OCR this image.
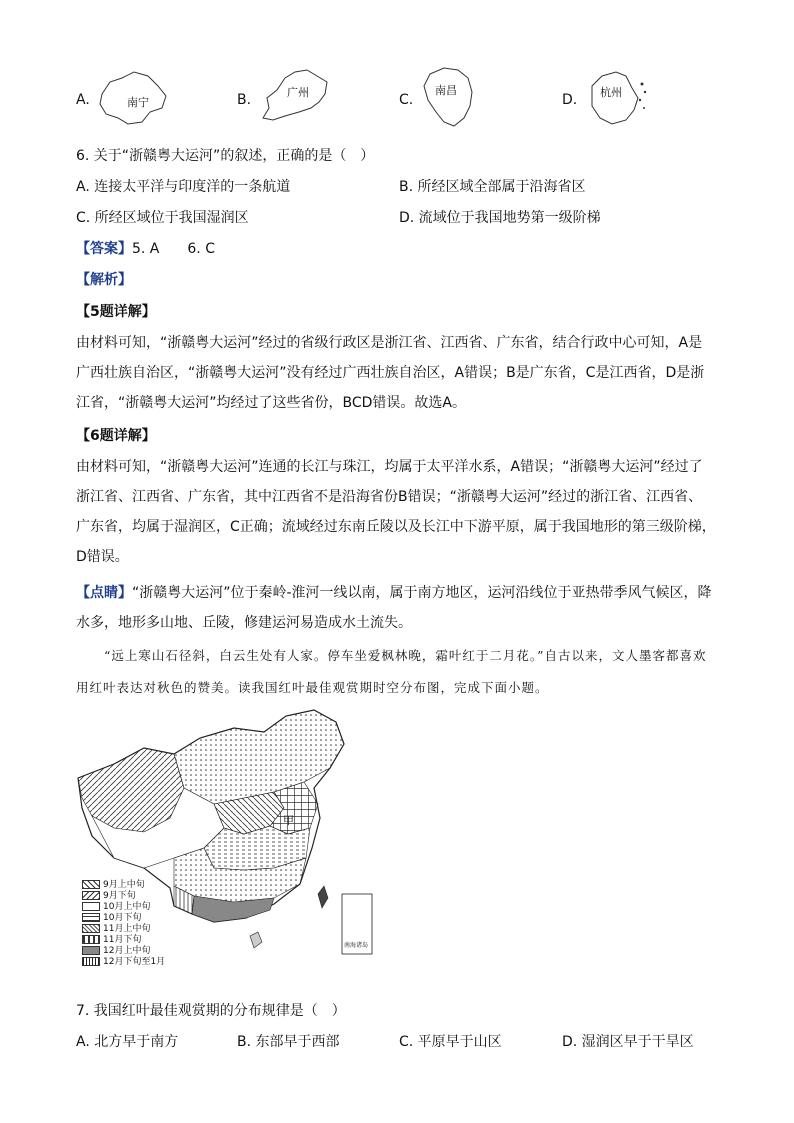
A.	南宁	B.	广州	C.
南昌
D. 杭州
6. 关于“浙赣粤大运河”的叙述，正确的是（　）
A. 连接太平洋与印度洋的一条航道	B. 所经区域全部属于沿海省区
C. 所经区域位于我国湿润区	D. 流域位于我国地势第一级阶梯
【答案】5. A　　6. C
【解析】
【5题详解】
由材料可知，“浙赣粤大运河”经过的省级行政区是浙江省、江西省、广东省，结合行政中心可知，A是广西壮族自治区，“浙赣粤大运河”没有经过广西壮族自治区，A错误；B是广东省，C是江西省，D是浙江省，“浙赣粤大运河”均经过了这些省份，BCD错误。故选A。
【6题详解】
由材料可知，“浙赣粤大运河”连通的长江与珠江，均属于太平洋水系，A错误；“浙赣粤大运河”经过了浙江省、江西省、广东省，其中江西省不是沿海省份B错误；“浙赣粤大运河”经过的浙江省、江西省、广东省，均属于湿润区，C正确；流域经过东南丘陵以及长江中下游平原，属于我国地形的第三级阶梯，D错误。
【点睛】“浙赣粤大运河”位于秦岭-淮河一线以南，属于南方地区，运河沿线位于亚热带季风气候区，降水多，地形多山地、丘陵，修建运河易造成水土流失。
“远上寒山石径斜，白云生处有人家。停车坐爱枫林晚，霜叶红于二月花。”自古以来，文人墨客都喜欢用红叶表达对秋色的赞美。读我国红叶最佳观赏期时空分布图，完成下面小题。
甲
南海诸岛
9月上中旬
9月下旬
10月上中旬
10月下旬
11月上中旬
11月下旬
12月上中旬
12月下旬至1月
7. 我国红叶最佳观赏期的分布规律是（　）
A. 北方早于南方	B. 东部早于西部	C. 平原早于山区	D. 湿润区早于干旱区
